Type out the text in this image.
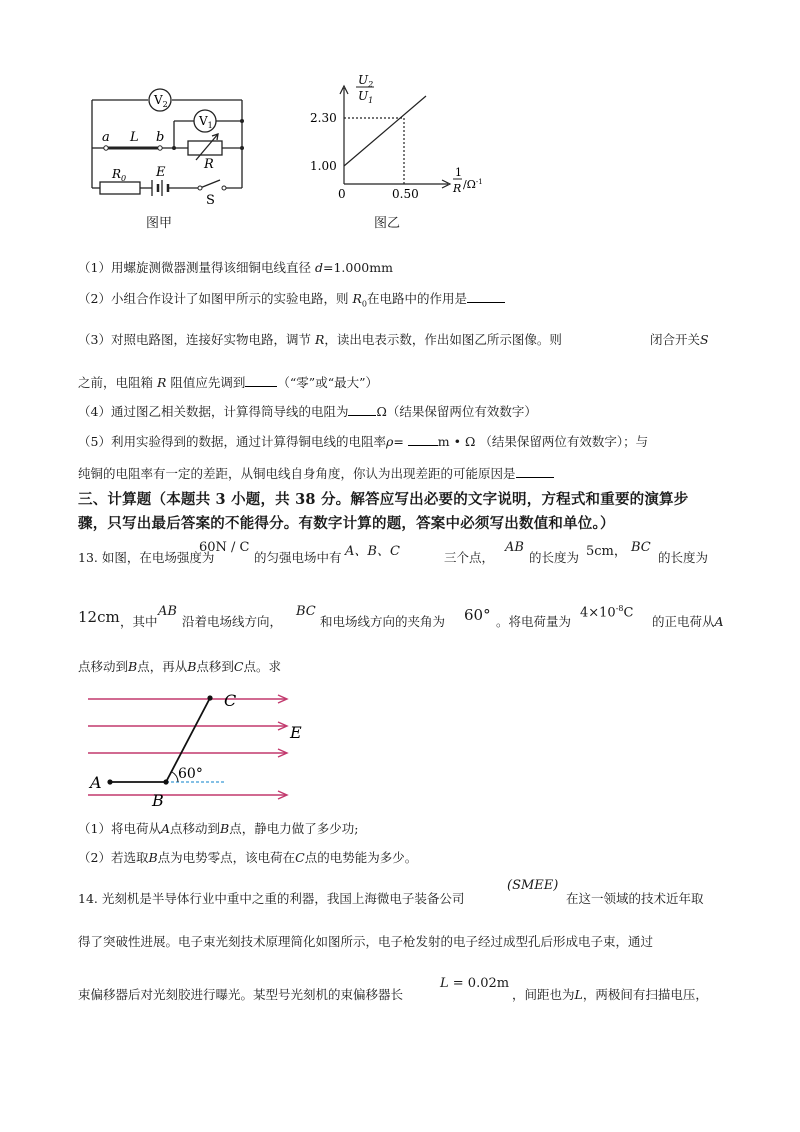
$V_2$
$V_1$
a L b
R
$R_0$ E
S
图甲
$U_2$
$U_1$
2.30
1.00
0	0.50
1
R $/\Omega^{-1}$
图乙
（1）用螺旋测微器测量得该细铜电线直径 d=1.000mm
（2）小组合作设计了如图甲所示的实验电路，则 $R_0$在电路中的作用是
（3）对照电路图，连接好实物电路，调节 R，读出电表示数，作出如图乙所示图像。则	闭合开关S
之前，电阻箱 R 阻值应先调到	（“零”或“最大”）
（4）通过图乙相关数据，计算得筒导线的电阻为 Ω（结果保留两位有效数字）
（5）利用实验得到的数据，通过计算得铜电线的电阻率ρ=	m • Ω （结果保留两位有效数字）；与
纯铜的电阻率有一定的差距，从铜电线自身角度，你认为出现差距的可能原因是
三、计算题（本题共 3 小题，共 38 分。解答应写出必要的文字说明，方程式和重要的演算步
骤，只写出最后答案的不能得分。有数字计算的题，答案中必须写出数值和单位。）
13. 如图，在电场强度为
60N / C
的匀强电场中有 A、B、C	三个点，
AB
的长度为 5cm， BC
的长度为
12cm ，其中
AB
沿着电场线方向，
BC
和电场线方向的夹角为 60° 。将电荷量为
$4\times 10^{-8}C$
的正电荷从A
点移动到B点，再从B点移到C点。求
C
E
A
B
60°
（1）将电荷从A点移动到B点，静电力做了多少功;
（2）若选取B点为电势零点，该电荷在C点的电势能为多少。
14. 光刻机是半导体行业中重中之重的利器，我国上海微电子装备公司
(SMEE)
在这一领域的技术近年取
得了突破性进展。电子束光刻技术原理简化如图所示，电子枪发射的电子经过成型孔后形成电子束，通过
束偏移器后对光刻胶进行曝光。某型号光刻机的束偏移器长
L = 0.02m
，间距也为L，两极间有扫描电压，
